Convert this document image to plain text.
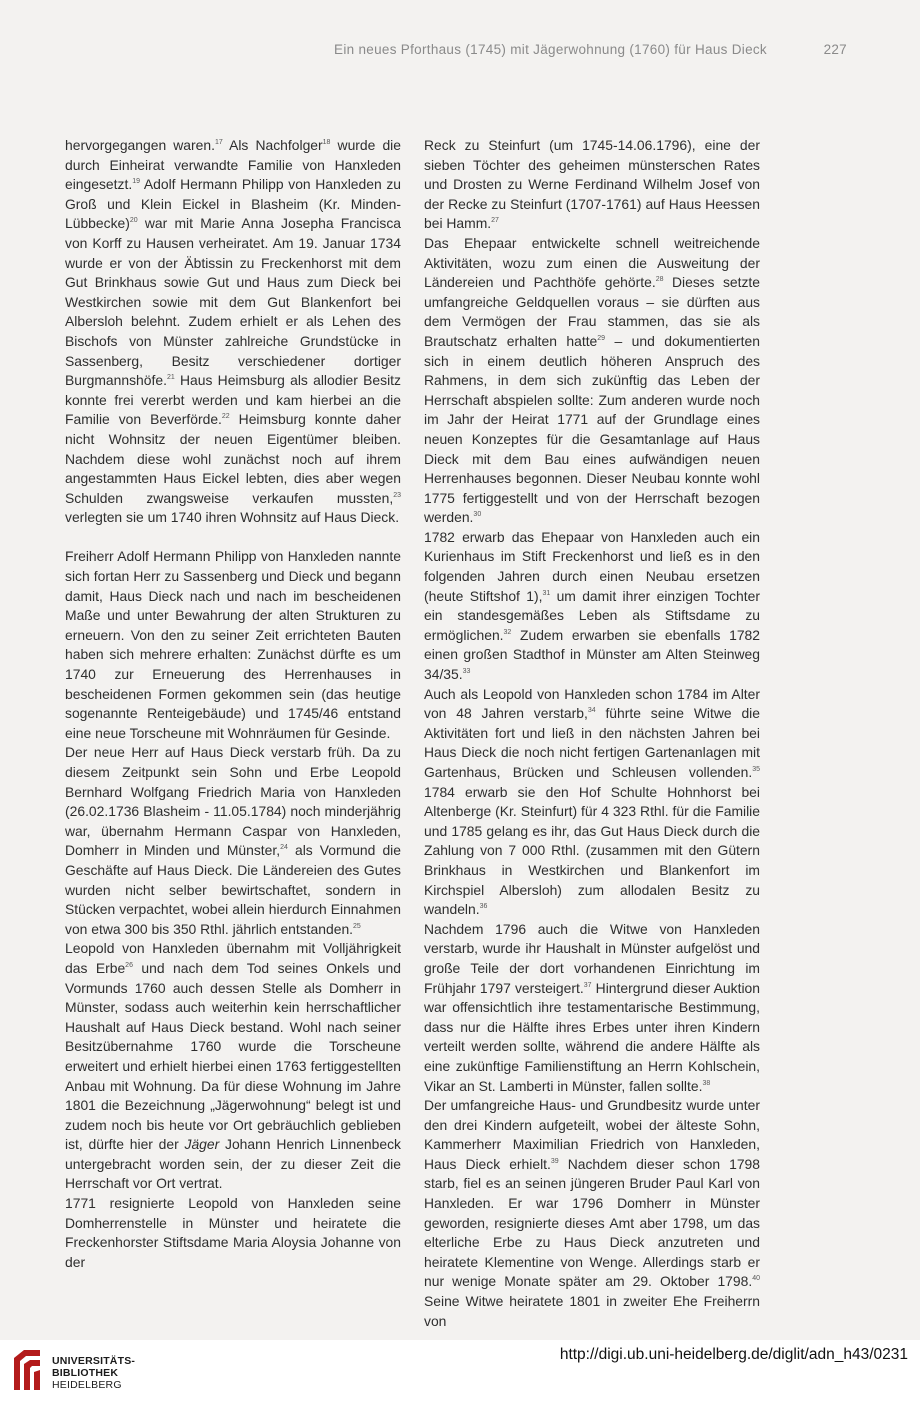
Ein neues Pforthaus (1745) mit Jägerwohnung (1760) für Haus Dieck	227

hervorgegangen waren.$^{17}$ Als Nachfolger$^{18}$ wurde die durch Einheirat verwandte Familie von Hanxleden eingesetzt.$^{19}$ Adolf Hermann Philipp von Hanxleden zu Groß und Klein Eickel in Blasheim (Kr. Minden-Lübbecke)$^{20}$ war mit Marie Anna Josepha Francisca von Korff zu Hausen verheiratet. Am 19. Januar 1734 wurde er von der Äbtissin zu Freckenhorst mit dem Gut Brinkhaus sowie Gut und Haus zum Dieck bei Westkirchen sowie mit dem Gut Blankenfort bei Albersloh belehnt. Zudem erhielt er als Lehen des Bischofs von Münster zahlreiche Grundstücke in Sassenberg, Besitz verschiedener dortiger Burgmannshöfe.$^{21}$ Haus Heimsburg als allodier Besitz konnte frei vererbt werden und kam hierbei an die Familie von Beverförde.$^{22}$ Heimsburg konnte daher nicht Wohnsitz der neuen Eigentümer bleiben. Nachdem diese wohl zunächst noch auf ihrem angestammten Haus Eickel lebten, dies aber wegen Schulden zwangsweise verkaufen mussten,$^{23}$ verlegten sie um 1740 ihren Wohnsitz auf Haus Dieck.

Freiherr Adolf Hermann Philipp von Hanxleden nannte sich fortan Herr zu Sassenberg und Dieck und begann damit, Haus Dieck nach und nach im bescheidenen Maße und unter Bewahrung der alten Strukturen zu erneuern. Von den zu seiner Zeit errichteten Bauten haben sich mehrere erhalten: Zunächst dürfte es um 1740 zur Erneuerung des Herrenhauses in bescheidenen Formen gekommen sein (das heutige sogenannte Renteigebäude) und 1745/46 entstand eine neue Torscheune mit Wohnräumen für Gesinde.

Der neue Herr auf Haus Dieck verstarb früh. Da zu diesem Zeitpunkt sein Sohn und Erbe Leopold Bernhard Wolfgang Friedrich Maria von Hanxleden (26.02.1736 Blasheim - 11.05.1784) noch minderjährig war, übernahm Hermann Caspar von Hanxleden, Domherr in Minden und Münster,$^{24}$ als Vormund die Geschäfte auf Haus Dieck. Die Ländereien des Gutes wurden nicht selber bewirtschaftet, sondern in Stücken verpachtet, wobei allein hierdurch Einnahmen von etwa 300 bis 350 Rthl. jährlich entstanden.$^{25}$

Leopold von Hanxleden übernahm mit Volljährigkeit das Erbe$^{26}$ und nach dem Tod seines Onkels und Vormunds 1760 auch dessen Stelle als Domherr in Münster, sodass auch weiterhin kein herrschaftlicher Haushalt auf Haus Dieck bestand. Wohl nach seiner Besitzübernahme 1760 wurde die Torscheune erweitert und erhielt hierbei einen 1763 fertiggestellten Anbau mit Wohnung. Da für diese Wohnung im Jahre 1801 die Bezeichnung „Jägerwohnung“ belegt ist und zudem noch bis heute vor Ort gebräuchlich geblieben ist, dürfte hier der Jäger Johann Henrich Linnenbeck untergebracht worden sein, der zu dieser Zeit die Herrschaft vor Ort vertrat.

1771 resignierte Leopold von Hanxleden seine Domherrenstelle in Münster und heiratete die Freckenhorster Stiftsdame Maria Aloysia Johanne von der

Reck zu Steinfurt (um 1745-14.06.1796), eine der sieben Töchter des geheimen münsterschen Rates und Drosten zu Werne Ferdinand Wilhelm Josef von der Recke zu Steinfurt (1707-1761) auf Haus Heessen bei Hamm.$^{27}$

Das Ehepaar entwickelte schnell weitreichende Aktivitäten, wozu zum einen die Ausweitung der Ländereien und Pachthöfe gehörte.$^{28}$ Dieses setzte umfangreiche Geldquellen voraus – sie dürften aus dem Vermögen der Frau stammen, das sie als Brautschatz erhalten hatte$^{29}$ – und dokumentierten sich in einem deutlich höheren Anspruch des Rahmens, in dem sich zukünftig das Leben der Herrschaft abspielen sollte: Zum anderen wurde noch im Jahr der Heirat 1771 auf der Grundlage eines neuen Konzeptes für die Gesamtanlage auf Haus Dieck mit dem Bau eines aufwändigen neuen Herrenhauses begonnen. Dieser Neubau konnte wohl 1775 fertiggestellt und von der Herrschaft bezogen werden.$^{30}$

1782 erwarb das Ehepaar von Hanxleden auch ein Kurienhaus im Stift Freckenhorst und ließ es in den folgenden Jahren durch einen Neubau ersetzen (heute Stiftshof 1),$^{31}$ um damit ihrer einzigen Tochter ein standesgemäßes Leben als Stiftsdame zu ermöglichen.$^{32}$ Zudem erwarben sie ebenfalls 1782 einen großen Stadthof in Münster am Alten Steinweg 34/35.33

Auch als Leopold von Hanxleden schon 1784 im Alter von 48 Jahren verstarb,$^{34}$ führte seine Witwe die Aktivitäten fort und ließ in den nächsten Jahren bei Haus Dieck die noch nicht fertigen Gartenanlagen mit Gartenhaus, Brücken und Schleusen vollenden.$^{35}$ 1784 erwarb sie den Hof Schulte Hohnhorst bei Altenberge (Kr. Steinfurt) für 4 323 Rthl. für die Familie und 1785 gelang es ihr, das Gut Haus Dieck durch die Zahlung von 7 000 Rthl. (zusammen mit den Gütern Brinkhaus in Westkirchen und Blankenfort im Kirchspiel Albersloh) zum allodalen Besitz zu wandeln.$^{36}$

Nachdem 1796 auch die Witwe von Hanxleden verstarb, wurde ihr Haushalt in Münster aufgelöst und große Teile der dort vorhandenen Einrichtung im Frühjahr 1797 versteigert.$^{37}$ Hintergrund dieser Auktion war offensichtlich ihre testamentarische Bestimmung, dass nur die Hälfte ihres Erbes unter ihren Kindern verteilt werden sollte, während die andere Hälfte als eine zukünftige Familienstiftung an Herrn Kohlschein, Vikar an St. Lamberti in Münster, fallen sollte.$^{38}$

Der umfangreiche Haus- und Grundbesitz wurde unter den drei Kindern aufgeteilt, wobei der älteste Sohn, Kammerherr Maximilian Friedrich von Hanxleden, Haus Dieck erhielt.$^{39}$ Nachdem dieser schon 1798 starb, fiel es an seinen jüngeren Bruder Paul Karl von Hanxleden. Er war 1796 Domherr in Münster geworden, resignierte dieses Amt aber 1798, um das elterliche Erbe zu Haus Dieck anzutreten und heiratete Klementine von Wenge. Allerdings starb er nur wenige Monate später am 29. Oktober 1798.40 Seine Witwe heiratete 1801 in zweiter Ehe Freiherrn von

UNIVERSITÄTS-
BIBLIOTHEK
HEIDELBERG
http://digi.ub.uni-heidelberg.de/diglit/adn_h43/0231
